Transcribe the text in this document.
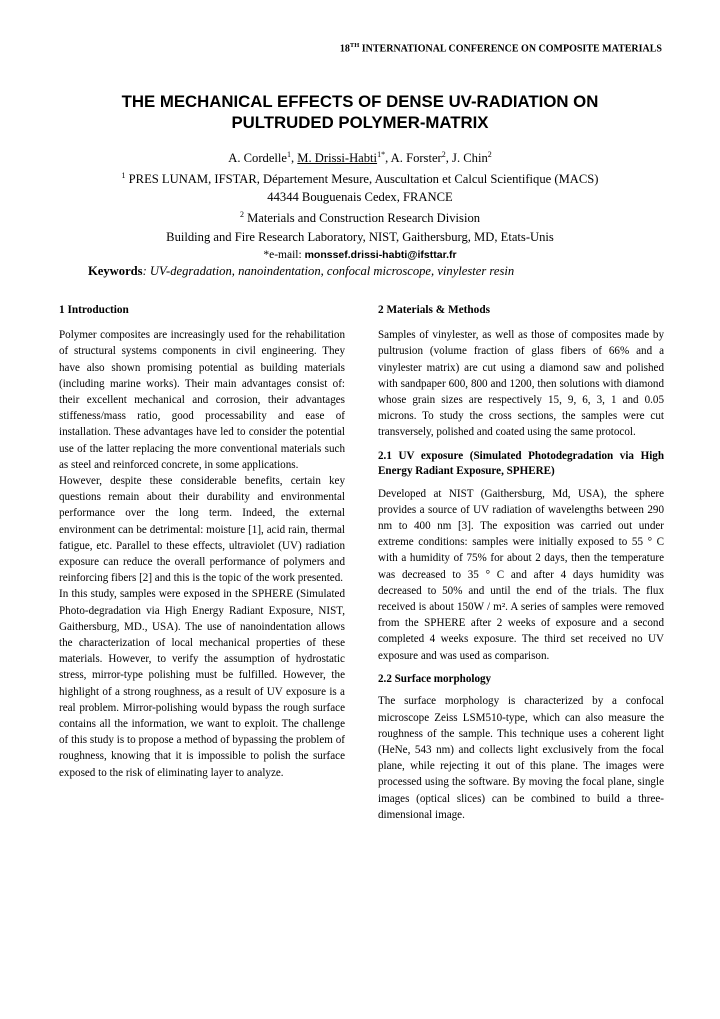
18TH INTERNATIONAL CONFERENCE ON COMPOSITE MATERIALS
THE MECHANICAL EFFECTS OF DENSE UV-RADIATION ON
PULTRUDED POLYMER-MATRIX
A. Cordelle$^1$, M. Drissi-Habti$^{1*}$, A. Forster$^2$, J. Chin$^2$
$^1$ PRES LUNAM, IFSTAR, Département Mesure, Auscultation et Calcul Scientifique (MACS)
44344 Bouguenais Cedex, FRANCE
$^2$ Materials and Construction Research Division
Building and Fire Research Laboratory, NIST, Gaithersburg, MD, Etats-Unis
*e-mail: monssef.drissi-habti@ifsttar.fr
Keywords: UV-degradation, nanoindentation, confocal microscope, vinylester resin
1 Introduction

Polymer composites are increasingly used for the rehabilitation of structural systems components in civil engineering. They have also shown promising potential as building materials (including marine works). Their main advantages consist of: their excellent mechanical and corrosion, their advantages stiffeness/mass ratio, good processability and ease of installation. These advantages have led to consider the potential use of the latter replacing the more conventional materials such as steel and reinforced concrete, in some applications.

However, despite these considerable benefits, certain key questions remain about their durability and environmental performance over the long term. Indeed, the external environment can be detrimental: moisture [1], acid rain, thermal fatigue, etc. Parallel to these effects, ultraviolet (UV) radiation exposure can reduce the overall performance of polymers and reinforcing fibers [2] and this is the topic of the work presented.

In this study, samples were exposed in the SPHERE (Simulated Photo-degradation via High Energy Radiant Exposure, NIST, Gaithersburg, MD., USA). The use of nanoindentation allows the characterization of local mechanical properties of these materials. However, to verify the assumption of hydrostatic stress, mirror-type polishing must be fulfilled. However, the highlight of a strong roughness, as a result of UV exposure is a real problem. Mirror-polishing would bypass the rough surface contains all the information, we want to exploit. The challenge of this study is to propose a method of bypassing the problem of roughness, knowing that it is impossible to polish the surface exposed to the risk of eliminating layer to analyze.

2 Materials & Methods

Samples of vinylester, as well as those of composites made by pultrusion (volume fraction of glass fibers of 66% and a vinylester matrix) are cut using a diamond saw and polished with sandpaper 600, 800 and 1200, then solutions with diamond whose grain sizes are respectively 15, 9, 6, 3, 1 and 0.05 microns. To study the cross sections, the samples were cut transversely, polished and coated using the same protocol.

2.1 UV exposure (Simulated Photodegradation via High Energy Radiant Exposure, SPHERE)

Developed at NIST (Gaithersburg, Md, USA), the sphere provides a source of UV radiation of wavelengths between 290 nm to 400 nm [3]. The exposition was carried out under extreme conditions: samples were initially exposed to 55 ° C with a humidity of 75% for about 2 days, then the temperature was decreased to 35 ° C and after 4 days humidity was decreased to 50% and until the end of the trials. The flux received is about 150W / m². A series of samples were removed from the SPHERE after 2 weeks of exposure and a second completed 4 weeks exposure. The third set received no UV exposure and was used as comparison.

2.2 Surface morphology

The surface morphology is characterized by a confocal microscope Zeiss LSM510-type, which can also measure the roughness of the sample. This technique uses a coherent light (HeNe, 543 nm) and collects light exclusively from the focal plane, while rejecting it out of this plane. The images were processed using the software. By moving the focal plane, single images (optical slices) can be combined to build a three-dimensional image.
